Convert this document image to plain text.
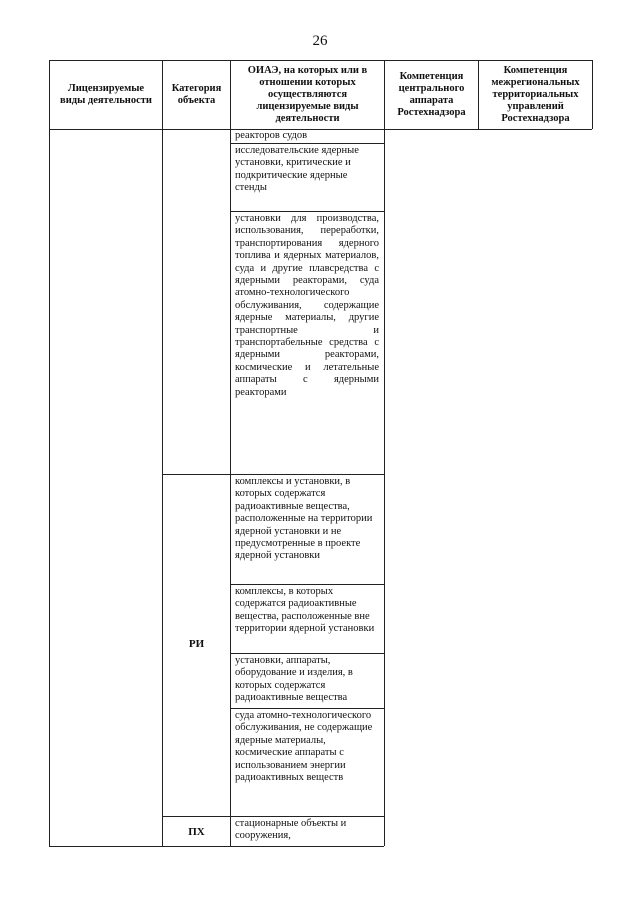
26
Лицензируемые виды деятельности
Категория объекта
ОИАЭ, на которых или в отношении которых осуществляются лицензируемые виды деятельности
Компетенция центрального аппарата Ростехнадзора
Компетенция межрегиональных территориальных управлений Ростехнадзора
РИ
ПХ
реакторов судов
исследовательские ядерные установки, критические и подкритические ядерные стенды
установки для производства, использования, переработки, транспортирования ядерного топлива и ядерных материалов, суда и другие плавсредства с ядерными реакторами, суда атомно-технологического обслуживания, содержащие ядерные материалы, другие транспортные и транспортабельные средства с ядерными реакторами, космические и летательные аппараты с ядерными реакторами
комплексы и установки, в которых содержатся радиоактивные вещества, расположенные на территории ядерной установки и не предусмотренные в проекте ядерной установки
комплексы, в которых содержатся радиоактивные вещества, расположенные вне территории ядерной установки
установки, аппараты, оборудование и изделия, в которых содержатся радиоактивные вещества
суда атомно-технологического обслуживания, не содержащие ядерные материалы, космические аппараты с использованием энергии радиоактивных веществ
стационарные объекты и сооружения,
